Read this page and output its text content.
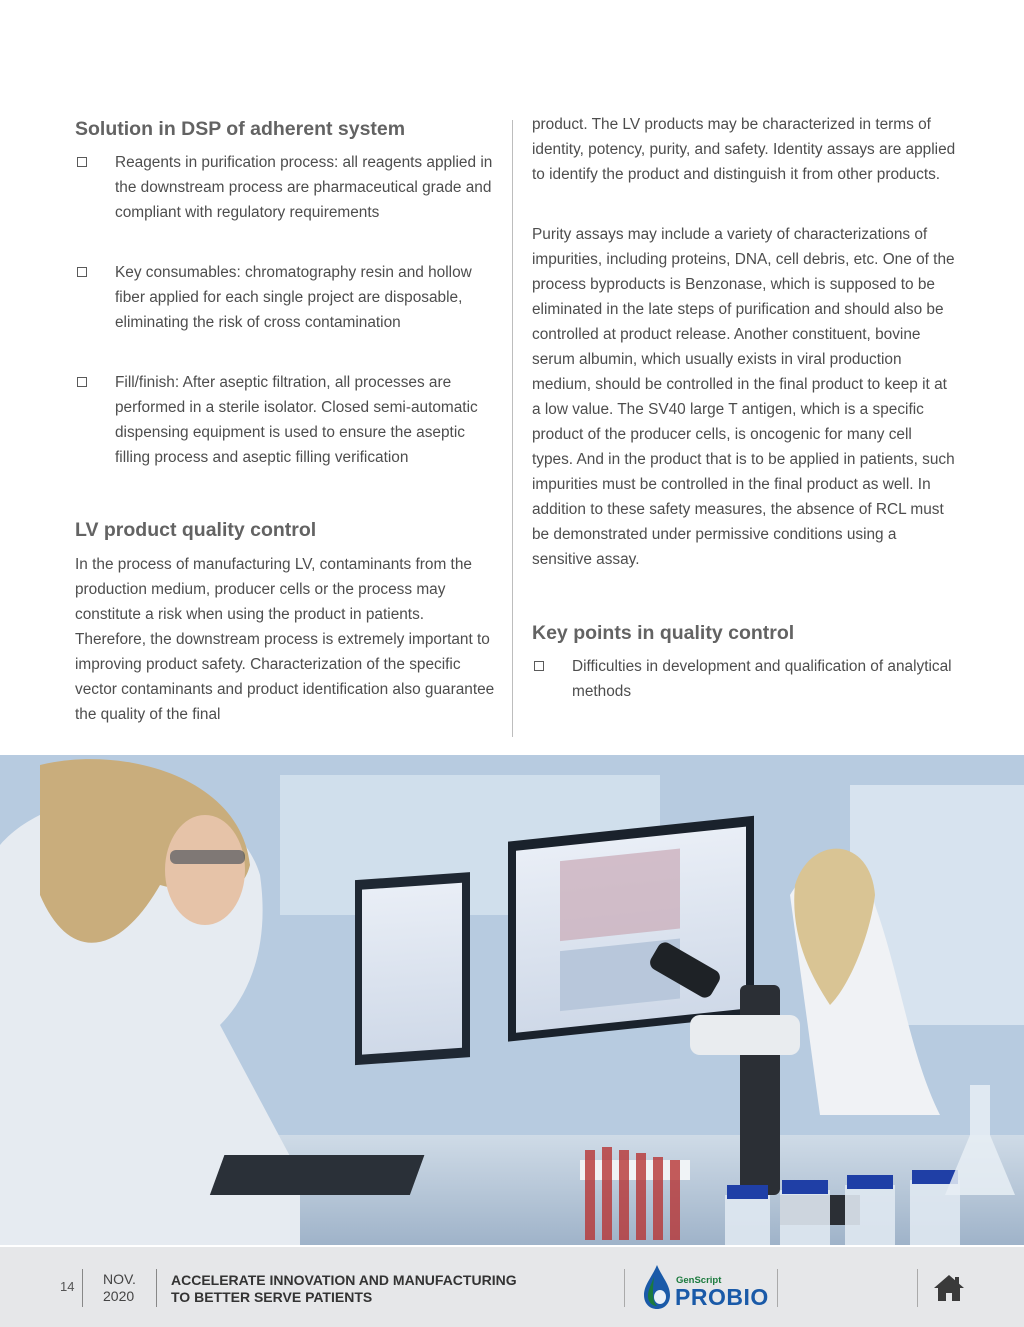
Solution in DSP of adherent system
Reagents in purification process: all reagents applied in the downstream process are pharmaceutical grade and compliant with regulatory requirements
Key consumables: chromatography resin and hollow fiber applied for each single project are disposable, eliminating the risk of cross contamination
Fill/finish: After aseptic filtration, all processes are performed in a sterile isolator. Closed semi-automatic dispensing equipment is used to ensure the aseptic filling process and aseptic filling verification
LV product quality control
In the process of manufacturing LV, contaminants from the production medium, producer cells or the process may constitute a risk when using the product in patients. Therefore, the downstream process is extremely important to improving product safety. Characterization of the specific vector contaminants and product identification also guarantee the quality of the final
product. The LV products may be characterized in terms of identity, potency, purity, and safety. Identity assays are applied to identify the product and distinguish it from other products.
Purity assays may include a variety of characterizations of impurities, including proteins, DNA, cell debris, etc. One of the process byproducts is Benzonase, which is supposed to be eliminated in the late steps of purification and should also be controlled at product release. Another constituent, bovine serum albumin, which usually exists in viral production medium, should be controlled in the final product to keep it at a low value. The SV40 large T antigen, which is a specific product of the producer cells, is oncogenic for many cell types. And in the product that is to be applied in patients, such impurities must be controlled in the final product as well. In addition to these safety measures, the absence of RCL must be demonstrated under permissive conditions using a sensitive assay.
Key points in quality control
Difficulties in development and qualification of analytical methods
14 NOV.
2020
ACCELERATE INNOVATION AND MANUFACTURING
TO BETTER SERVE PATIENTS
GenScript
PROBIO
